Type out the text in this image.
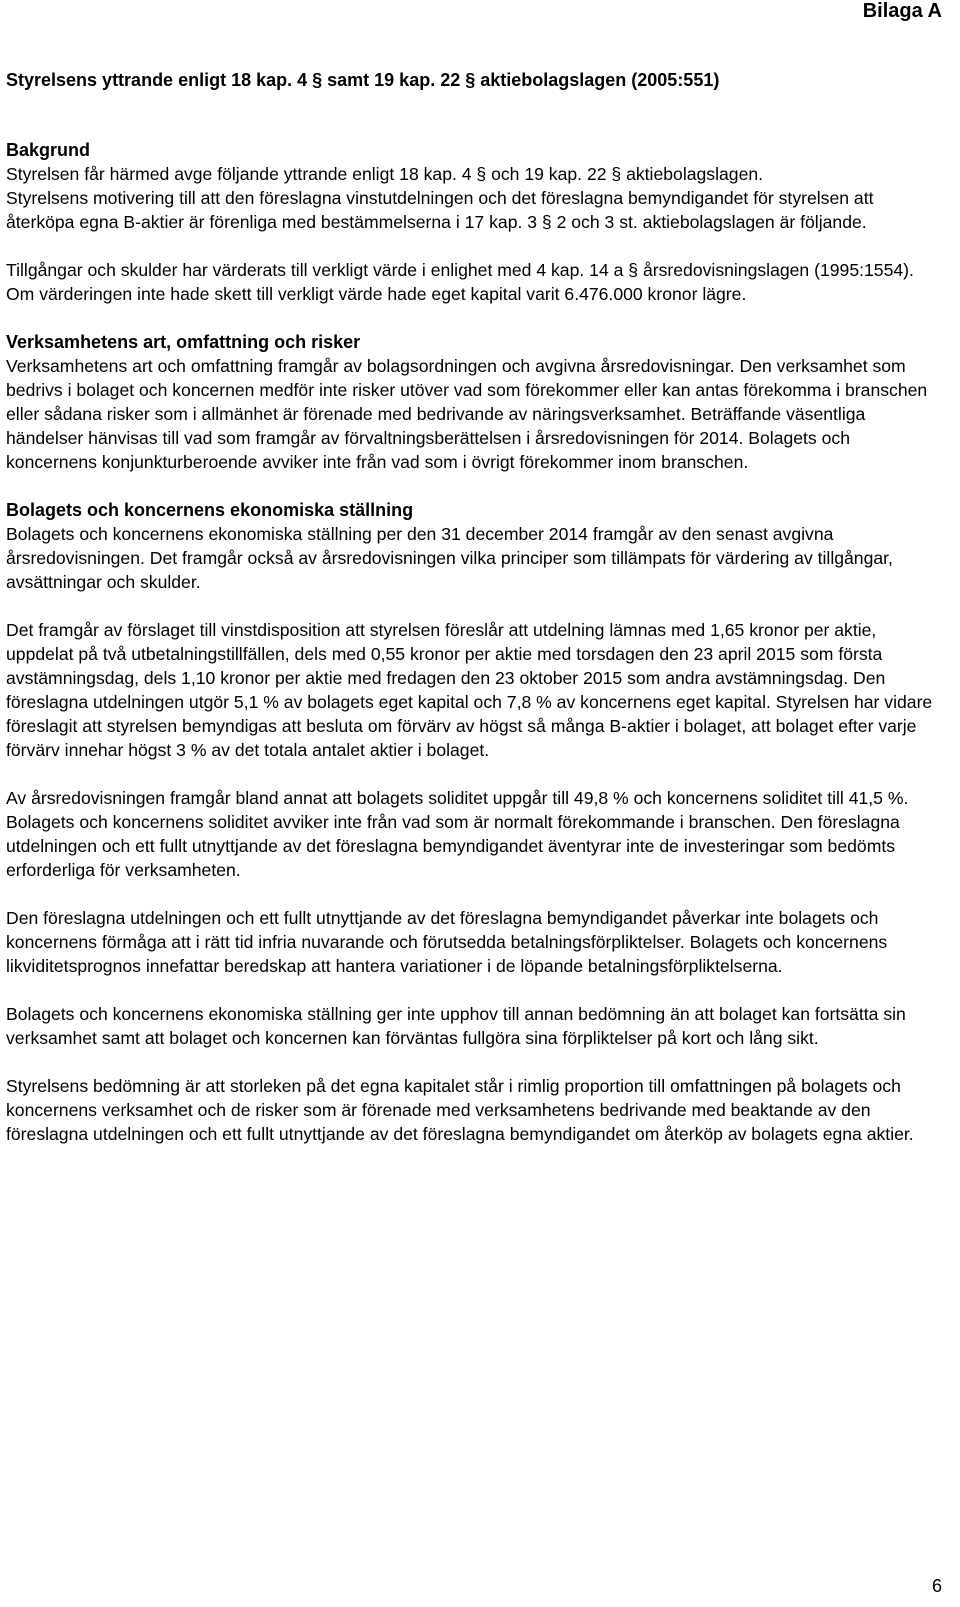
Bilaga A

Styrelsens yttrande enligt 18 kap. 4 § samt 19 kap. 22 § aktiebolagslagen (2005:551)

Bakgrund

Styrelsen får härmed avge följande yttrande enligt 18 kap. 4 § och 19 kap. 22 § aktiebolagslagen.

Styrelsens motivering till att den föreslagna vinstutdelningen och det föreslagna bemyndigandet för styrelsen att återköpa egna B-aktier är förenliga med bestämmelserna i 17 kap. 3 § 2 och 3 st. aktiebolagslagen är följande.

Tillgångar och skulder har värderats till verkligt värde i enlighet med 4 kap. 14 a § årsredovisningslagen (1995:1554). Om värderingen inte hade skett till verkligt värde hade eget kapital varit 6.476.000 kronor lägre.

Verksamhetens art, omfattning och risker

Verksamhetens art och omfattning framgår av bolagsordningen och avgivna årsredovisningar. Den verksamhet som bedrivs i bolaget och koncernen medför inte risker utöver vad som förekommer eller kan antas förekomma i branschen eller sådana risker som i allmänhet är förenade med bedrivande av näringsverksamhet. Beträffande väsentliga händelser hänvisas till vad som framgår av förvaltningsberättelsen i årsredovisningen för 2014. Bolagets och koncernens konjunkturberoende avviker inte från vad som i övrigt förekommer inom branschen.

Bolagets och koncernens ekonomiska ställning

Bolagets och koncernens ekonomiska ställning per den 31 december 2014 framgår av den senast avgivna årsredovisningen. Det framgår också av årsredovisningen vilka principer som tillämpats för värdering av tillgångar, avsättningar och skulder.

Det framgår av förslaget till vinstdisposition att styrelsen föreslår att utdelning lämnas med 1,65 kronor per aktie, uppdelat på två utbetalningstillfällen, dels med 0,55 kronor per aktie med torsdagen den 23 april 2015 som första avstämningsdag, dels 1,10 kronor per aktie med fredagen den 23 oktober 2015 som andra avstämningsdag. Den föreslagna utdelningen utgör 5,1 % av bolagets eget kapital och 7,8 % av koncernens eget kapital. Styrelsen har vidare föreslagit att styrelsen bemyndigas att besluta om förvärv av högst så många B-aktier i bolaget, att bolaget efter varje förvärv innehar högst 3 % av det totala antalet aktier i bolaget.

Av årsredovisningen framgår bland annat att bolagets soliditet uppgår till 49,8 % och koncernens soliditet till 41,5 %. Bolagets och koncernens soliditet avviker inte från vad som är normalt förekommande i branschen. Den föreslagna utdelningen och ett fullt utnyttjande av det föreslagna bemyndigandet äventyrar inte de investeringar som bedömts erforderliga för verksamheten.

Den föreslagna utdelningen och ett fullt utnyttjande av det föreslagna bemyndigandet påverkar inte bolagets och koncernens förmåga att i rätt tid infria nuvarande och förutsedda betalningsförpliktelser. Bolagets och koncernens likviditetsprognos innefattar beredskap att hantera variationer i de löpande betalningsförpliktelserna.

Bolagets och koncernens ekonomiska ställning ger inte upphov till annan bedömning än att bolaget kan fortsätta sin verksamhet samt att bolaget och koncernen kan förväntas fullgöra sina förpliktelser på kort och lång sikt.

Styrelsens bedömning är att storleken på det egna kapitalet står i rimlig proportion till omfattningen på bolagets och koncernens verksamhet och de risker som är förenade med verksamhetens bedrivande med beaktande av den föreslagna utdelningen och ett fullt utnyttjande av det föreslagna bemyndigandet om återköp av bolagets egna aktier.

6
